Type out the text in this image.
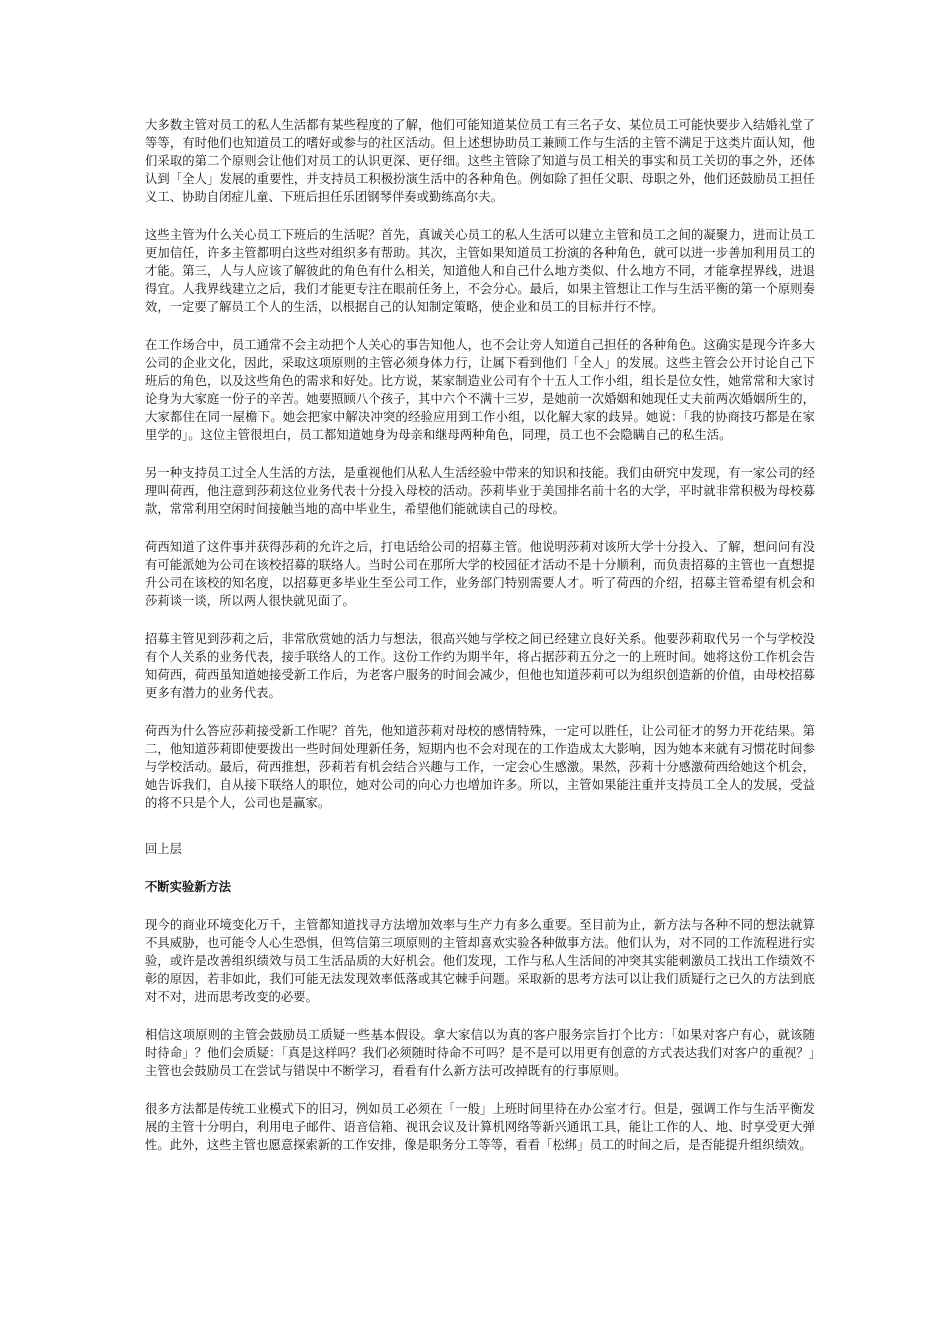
大多数主管对员工的私人生活都有某些程度的了解，他们可能知道某位员工有三名子女、某位员工可能快要步入结婚礼堂了等等，有时他们也知道员工的嗜好或参与的社区活动。但上述想协助员工兼顾工作与生活的主管不满足于这类片面认知，他们采取的第二个原则会让他们对员工的认识更深、更仔细。这些主管除了知道与员工相关的事实和员工关切的事之外，还体认到「全人」发展的重要性，并支持员工积极扮演生活中的各种角色。例如除了担任父职、母职之外，他们还鼓励员工担任义工、协助自闭症儿童、下班后担任乐团钢琴伴奏或勤练高尔夫。

这些主管为什么关心员工下班后的生活呢？首先，真诚关心员工的私人生活可以建立主管和员工之间的凝聚力，进而让员工更加信任，许多主管都明白这些对组织多有帮助。其次，主管如果知道员工扮演的各种角色，就可以进一步善加利用员工的才能。第三，人与人应该了解彼此的角色有什么相关，知道他人和自己什么地方类似、什么地方不同，才能拿捏界线，进退得宜。人我界线建立之后，我们才能更专注在眼前任务上，不会分心。最后，如果主管想让工作与生活平衡的第一个原则奏效，一定要了解员工个人的生活，以根据自己的认知制定策略，使企业和员工的目标并行不悖。

在工作场合中，员工通常不会主动把个人关心的事告知他人，也不会让旁人知道自己担任的各种角色。这确实是现今许多大公司的企业文化，因此，采取这项原则的主管必须身体力行，让属下看到他们「全人」的发展。这些主管会公开讨论自己下班后的角色，以及这些角色的需求和好处。比方说，某家制造业公司有个十五人工作小组，组长是位女性，她常常和大家讨论身为大家庭一份子的辛苦。她要照顾八个孩子，其中六个不满十三岁，是她前一次婚姻和她现任丈夫前两次婚姻所生的，大家都住在同一屋檐下。她会把家中解决冲突的经验应用到工作小组，以化解大家的歧异。她说：「我的协商技巧都是在家里学的」。这位主管很坦白，员工都知道她身为母亲和继母两种角色，同理，员工也不会隐瞒自己的私生活。

另一种支持员工过全人生活的方法，是重视他们从私人生活经验中带来的知识和技能。我们由研究中发现，有一家公司的经理叫荷西，他注意到莎莉这位业务代表十分投入母校的活动。莎莉毕业于美国排名前十名的大学，平时就非常积极为母校募款，常常利用空闲时间接触当地的高中毕业生，希望他们能就读自己的母校。

荷西知道了这件事并获得莎莉的允许之后，打电话给公司的招募主管。他说明莎莉对该所大学十分投入、了解，想问问有没有可能派她为公司在该校招募的联络人。当时公司在那所大学的校园征才活动不是十分顺利，而负责招募的主管也一直想提升公司在该校的知名度，以招募更多毕业生至公司工作，业务部门特别需要人才。听了荷西的介绍，招募主管希望有机会和莎莉谈一谈，所以两人很快就见面了。

招募主管见到莎莉之后，非常欣赏她的活力与想法，很高兴她与学校之间已经建立良好关系。他要莎莉取代另一个与学校没有个人关系的业务代表，接手联络人的工作。这份工作约为期半年，将占据莎莉五分之一的上班时间。她将这份工作机会告知荷西，荷西虽知道她接受新工作后，为老客户服务的时间会减少，但他也知道莎莉可以为组织创造新的价值，由母校招募更多有潜力的业务代表。

荷西为什么答应莎莉接受新工作呢？首先，他知道莎莉对母校的感情特殊，一定可以胜任，让公司征才的努力开花结果。第二，他知道莎莉即使要拨出一些时间处理新任务，短期内也不会对现在的工作造成太大影响，因为她本来就有习惯花时间参与学校活动。最后，荷西推想，莎莉若有机会结合兴趣与工作，一定会心生感激。果然，莎莉十分感激荷西给她这个机会，她告诉我们，自从接下联络人的职位，她对公司的向心力也增加许多。所以，主管如果能注重并支持员工全人的发展，受益的将不只是个人，公司也是赢家。

回上层
不断实验新方法

现今的商业环境变化万千，主管都知道找寻方法增加效率与生产力有多么重要。至目前为止，新方法与各种不同的想法就算不具威胁，也可能令人心生恐惧，但笃信第三项原则的主管却喜欢实验各种做事方法。他们认为，对不同的工作流程进行实验，或许是改善组织绩效与员工生活品质的大好机会。他们发现，工作与私人生活间的冲突其实能刺激员工找出工作绩效不彰的原因，若非如此，我们可能无法发现效率低落或其它棘手问题。采取新的思考方法可以让我们质疑行之已久的方法到底对不对，进而思考改变的必要。

相信这项原则的主管会鼓励员工质疑一些基本假设。拿大家信以为真的客户服务宗旨打个比方：「如果对客户有心，就该随时待命」？他们会质疑：「真是这样吗？我们必须随时待命不可吗？是不是可以用更有创意的方式表达我们对客户的重视？」主管也会鼓励员工在尝试与错误中不断学习，看看有什么新方法可改掉既有的行事原则。

很多方法都是传统工业模式下的旧习，例如员工必须在「一般」上班时间里待在办公室才行。但是，强调工作与生活平衡发展的主管十分明白，利用电子邮件、语音信箱、视讯会议及计算机网络等新兴通讯工具，能让工作的人、地、时享受更大弹性。此外，这些主管也愿意探索新的工作安排，像是职务分工等等，看看「松绑」员工的时间之后，是否能提升组织绩效。
